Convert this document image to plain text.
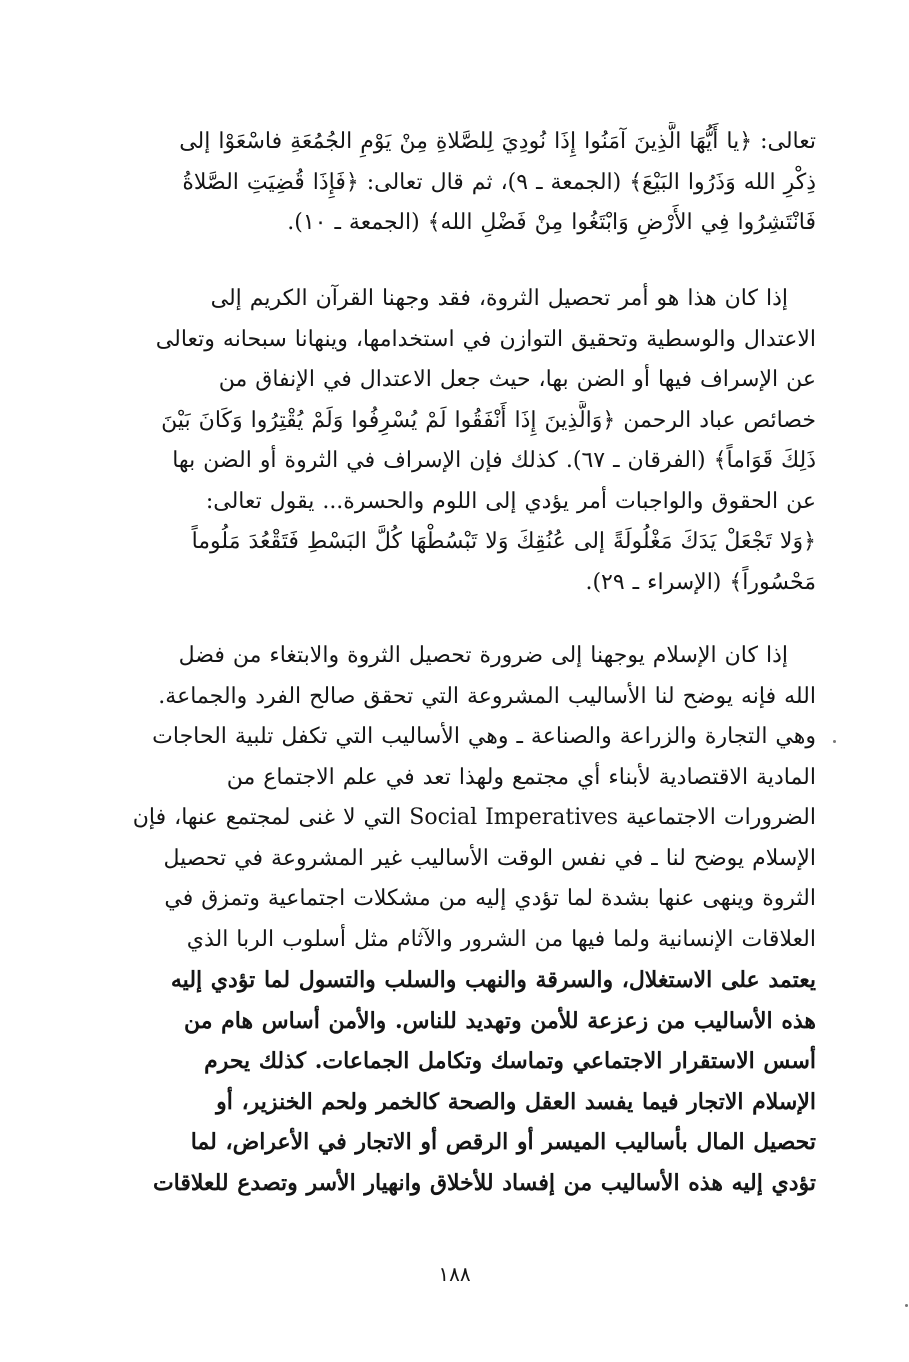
تعالى: ﴿يا أَيُّهَا الَّذِينَ آمَنُوا إِذَا نُودِيَ لِلصَّلاةِ مِنْ يَوْمِ الجُمُعَةِ فاسْعَوْا إلى
ذِكْرِ الله وَذَرُوا البَيْعَ﴾ (الجمعة ـ ٩)، ثم قال تعالى: ﴿فَإِذَا قُضِيَتِ الصَّلاةُ
فَانْتَشِرُوا فِي الأَرْضِ وَابْتَغُوا مِنْ فَضْلِ الله﴾ (الجمعة ـ ١٠).
إذا كان هذا هو أمر تحصيل الثروة، فقد وجهنا القرآن الكريم إلى
الاعتدال والوسطية وتحقيق التوازن في استخدامها، وينهانا سبحانه وتعالى
عن الإسراف فيها أو الضن بها، حيث جعل الاعتدال في الإنفاق من
خصائص عباد الرحمن ﴿وَالَّذِينَ إِذَا أَنْفَقُوا لَمْ يُسْرِفُوا وَلَمْ يُقْتِرُوا وَكَانَ بَيْنَ
ذَلِكَ قَوَاماً﴾ (الفرقان ـ ٦٧). كذلك فإن الإسراف في الثروة أو الضن بها
عن الحقوق والواجبات أمر يؤدي إلى اللوم والحسرة... يقول تعالى:
﴿وَلا تَجْعَلْ يَدَكَ مَغْلُولَةً إلى عُنُقِكَ وَلا تَبْسُطْهَا كُلَّ البَسْطِ فَتَقْعُدَ مَلُوماً
مَحْسُوراً﴾ (الإسراء ـ ٢٩).
إذا كان الإسلام يوجهنا إلى ضرورة تحصيل الثروة والابتغاء من فضل
الله فإنه يوضح لنا الأساليب المشروعة التي تحقق صالح الفرد والجماعة.
وهي التجارة والزراعة والصناعة ـ وهي الأساليب التي تكفل تلبية الحاجات
المادية الاقتصادية لأبناء أي مجتمع ولهذا تعد في علم الاجتماع من
الضرورات الاجتماعية Social Imperatives التي لا غنى لمجتمع عنها، فإن
الإسلام يوضح لنا ـ في نفس الوقت الأساليب غير المشروعة في تحصيل
الثروة وينهى عنها بشدة لما تؤدي إليه من مشكلات اجتماعية وتمزق في
العلاقات الإنسانية ولما فيها من الشرور والآثام مثل أسلوب الربا الذي
يعتمد على الاستغلال، والسرقة والنهب والسلب والتسول لما تؤدي إليه
هذه الأساليب من زعزعة للأمن وتهديد للناس. والأمن أساس هام من
أسس الاستقرار الاجتماعي وتماسك وتكامل الجماعات. كذلك يحرم
الإسلام الاتجار فيما يفسد العقل والصحة كالخمر ولحم الخنزير، أو
تحصيل المال بأساليب الميسر أو الرقص أو الاتجار في الأعراض، لما
تؤدي إليه هذه الأساليب من إفساد للأخلاق وانهيار الأسر وتصدع للعلاقات
١٨٨
